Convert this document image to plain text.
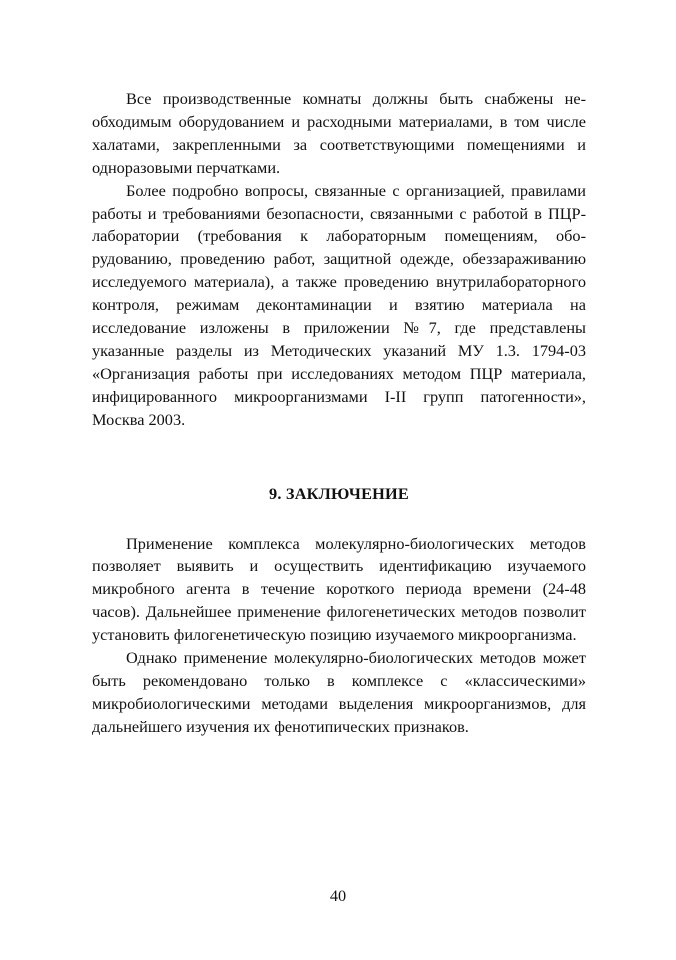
Все производственные комнаты должны быть снабжены необходимым оборудованием и расходными материалами, в том числе халатами, закрепленными за соответствующими помещениями и одноразовыми перчатками.

Более подробно вопросы, связанные с организацией, правилами работы и требованиями безопасности, связанными с работой в ПЦР-лаборатории (требования к лабораторным помещениям, оборудованию, проведению работ, защитной одежде, обеззараживанию исследуемого материала), а также проведению внутрилабораторного контроля, режимам деконтаминации и взятию материала на исследование изложены в приложении №7, где представлены указанные разделы из Методических указаний МУ 1.3. 1794-03 «Организация работы при исследованиях методом ПЦР материала, инфицированного микроорганизмами I-II групп патогенности», Москва 2003.

9. ЗАКЛЮЧЕНИЕ

Применение комплекса молекулярно-биологических методов позволяет выявить и осуществить идентификацию изучаемого микробного агента в течение короткого периода времени (24-48 часов). Дальнейшее применение филогенетических методов позволит установить филогенетическую позицию изучаемого микроорганизма.

Однако применение молекулярно-биологических методов может быть рекомендовано только в комплексе с «классическими» микробиологическими методами выделения микроорганизмов, для дальнейшего изучения их фенотипических признаков.

40
